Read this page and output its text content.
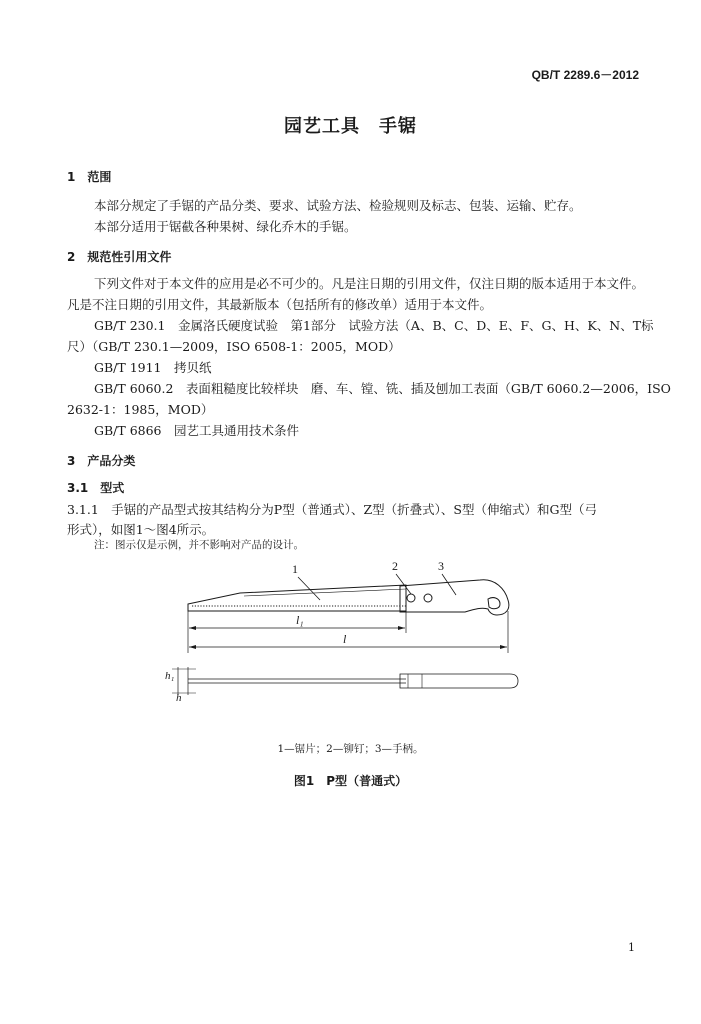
QB/T 2289.6－2012
园艺工具　手锯
1　范围
本部分规定了手锯的产品分类、要求、试验方法、检验规则及标志、包装、运输、贮存。
本部分适用于锯截各种果树、绿化乔木的手锯。
2　规范性引用文件
下列文件对于本文件的应用是必不可少的。凡是注日期的引用文件，仅注日期的版本适用于本文件。
凡是不注日期的引用文件，其最新版本（包括所有的修改单）适用于本文件。
GB/T 230.1　金属洛氏硬度试验　第1部分　试验方法（A、B、C、D、E、F、G、H、K、N、T标
尺）（GB/T 230.1—2009，ISO 6508-1：2005，MOD）
GB/T 1911　拷贝纸
GB/T 6060.2　表面粗糙度比较样块　磨、车、镗、铣、插及刨加工表面（GB/T 6060.2—2006，ISO
2632-1：1985，MOD）
GB/T 6866　园艺工具通用技术条件
3　产品分类
3.1　型式
3.1.1　手锯的产品型式按其结构分为P型（普通式）、Z型（折叠式）、S型（伸缩式）和G型（弓
形式），如图1～图4所示。
注：图示仅是示例，并不影响对产品的设计。
1	2	3
l₁
l
h₁
h
1—锯片；2—铆钉；3—手柄。
图1　P型（普通式）
1
